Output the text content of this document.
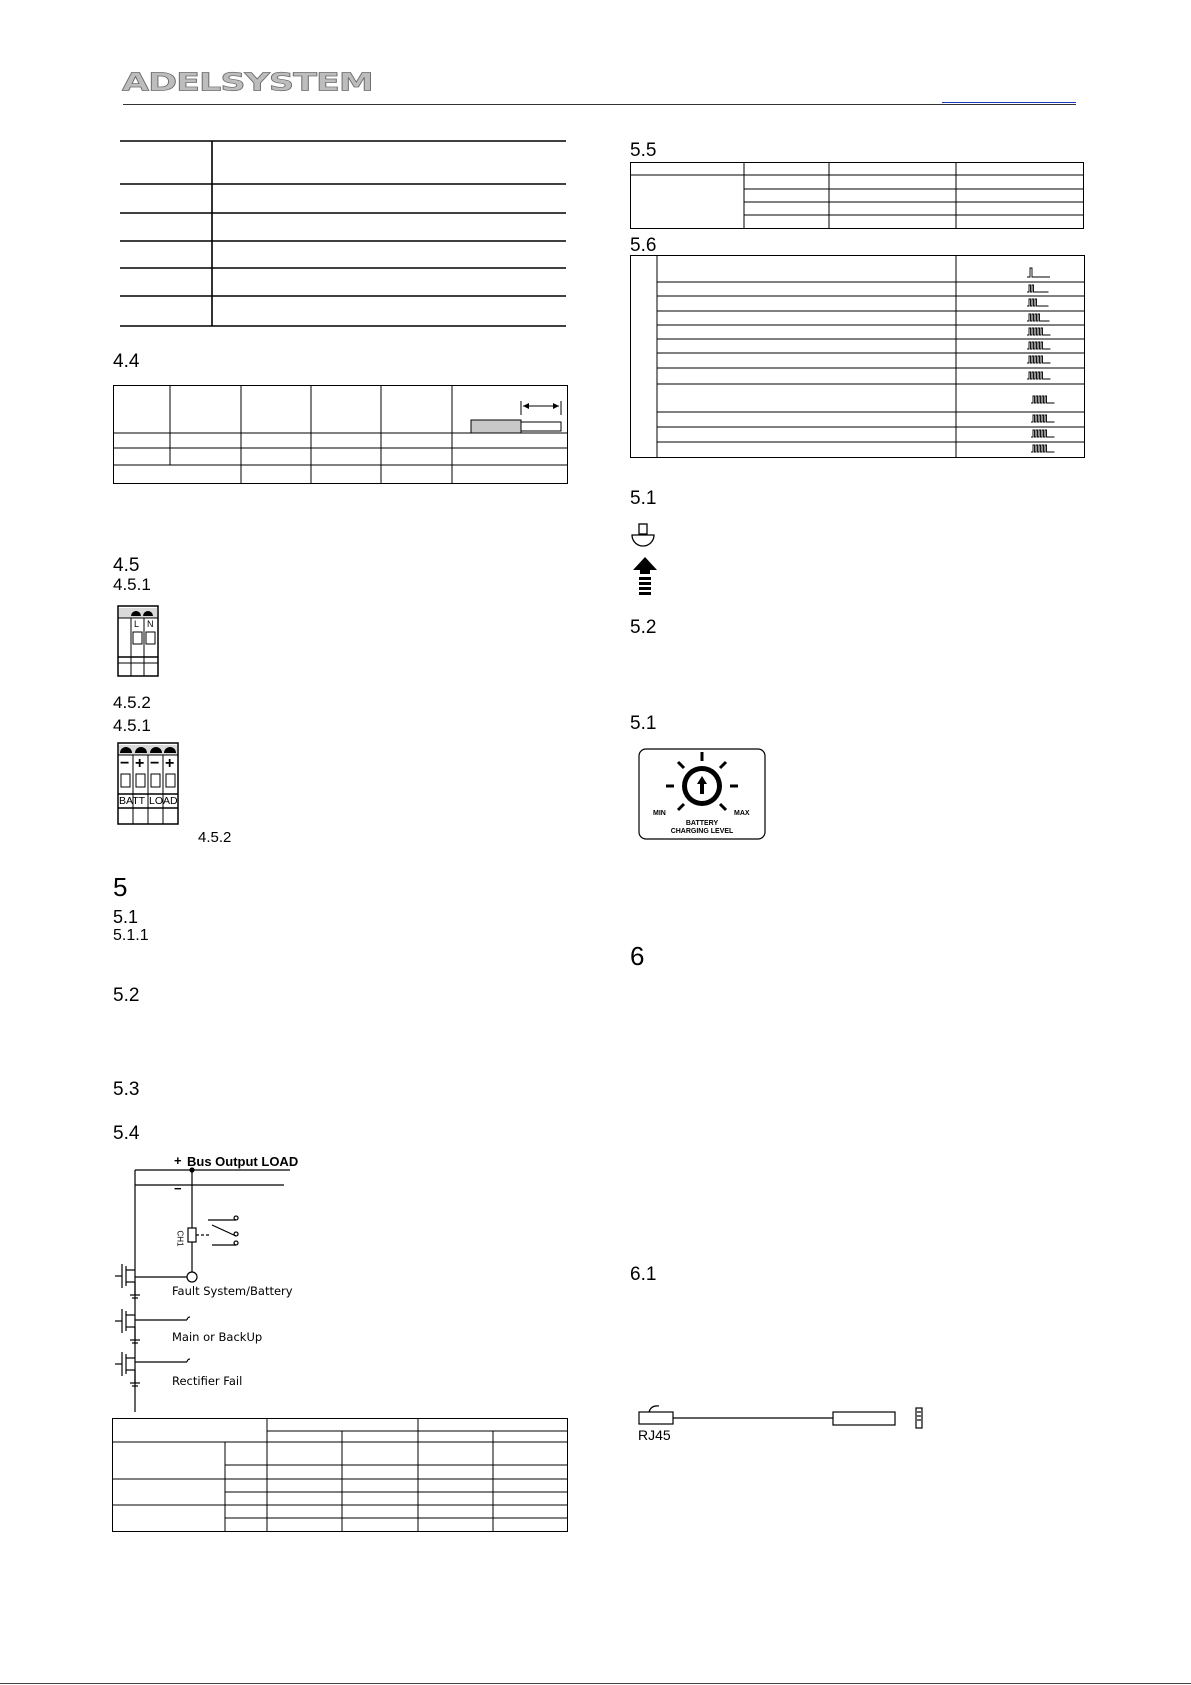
ADELSYSTEM
4.4
4.5
4.5.1
L N
4.5.2
4.5.1
− + − +
BATT LOAD
4.5.2
5
5.1
5.1.1
5.2
5.3
5.4
+ Bus Output LOAD
−
CH1
Fault System/Battery
Main or BackUp
Rectifier Fail
5.5
5.6
5.1
5.2
5.1
MIN	MAX
BATTERY
CHARGING LEVEL
6
6.1
RJ45
